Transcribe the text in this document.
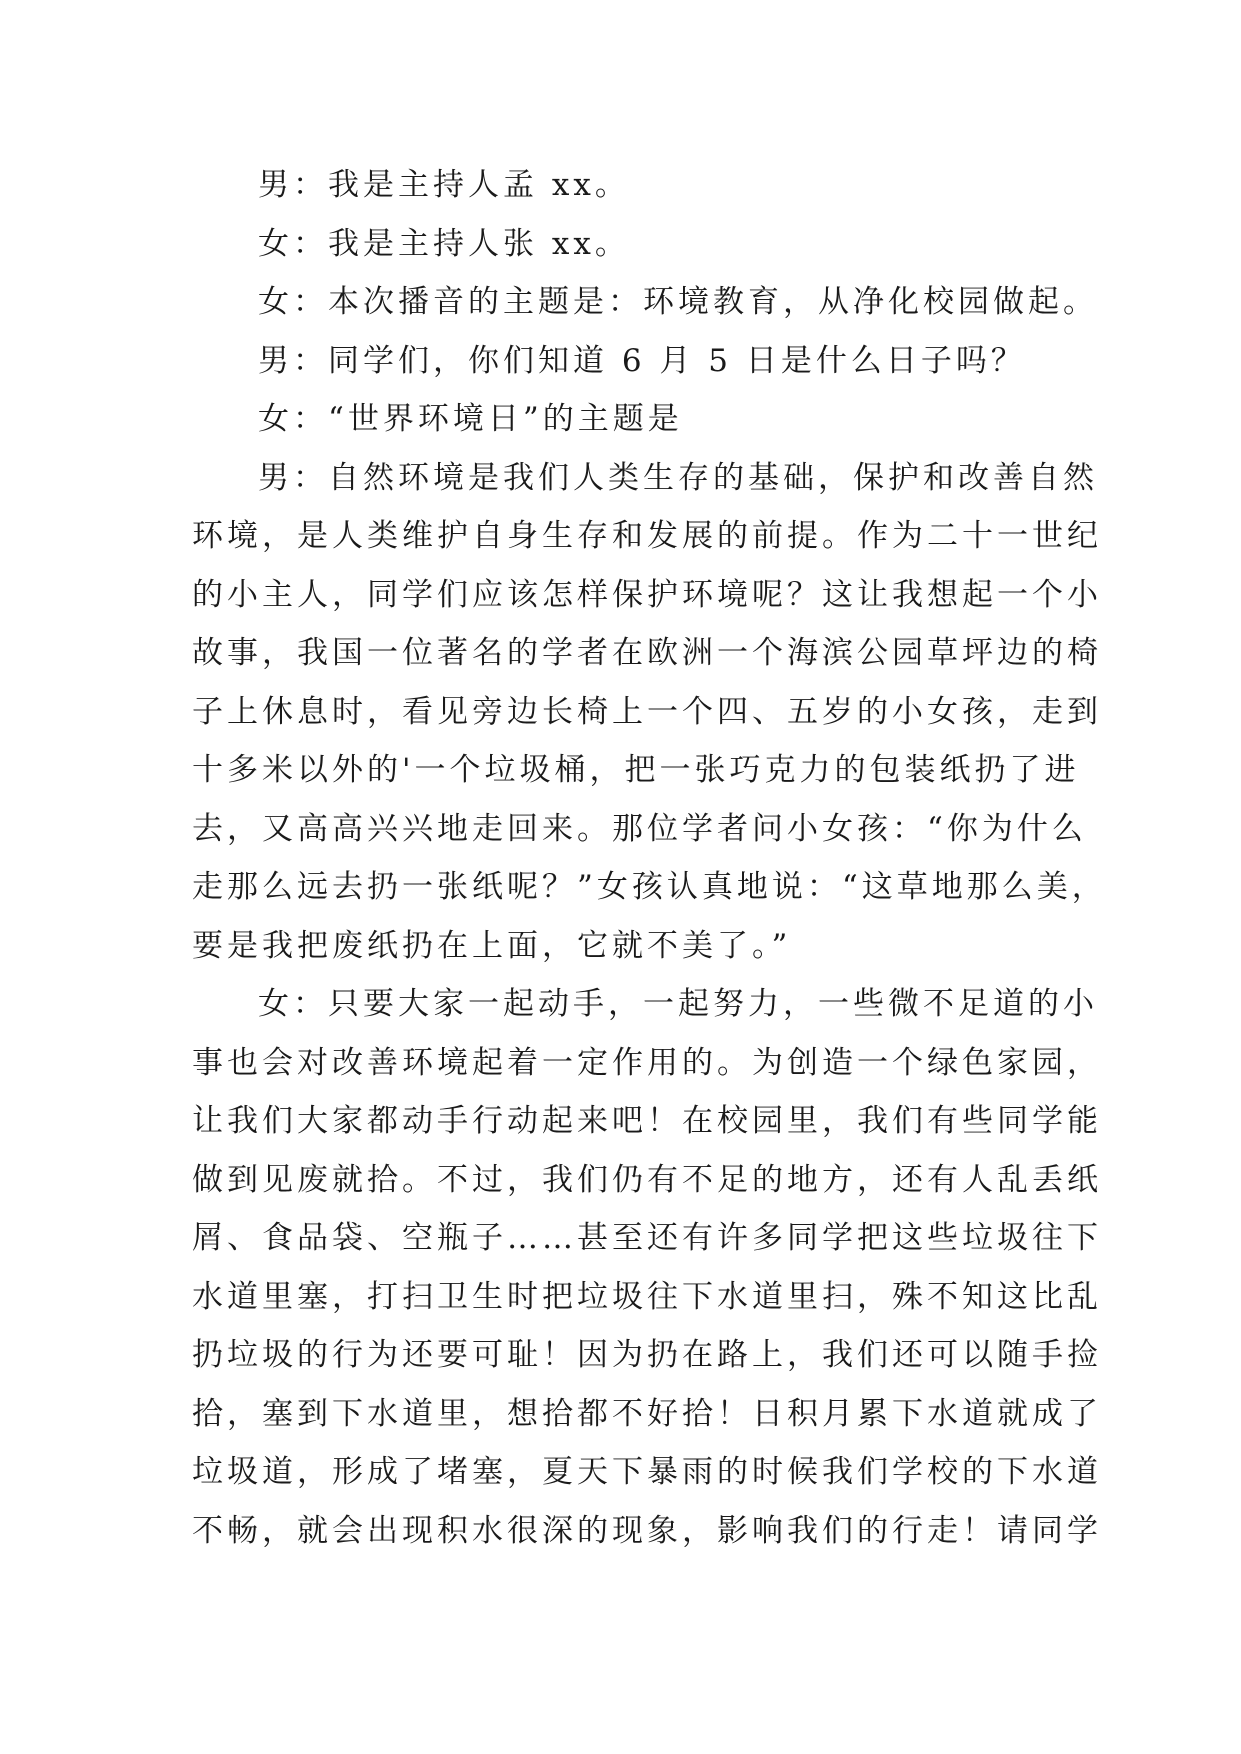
男：我是主持人孟 xx。
女：我是主持人张 xx。
女：本次播音的主题是：环境教育，从净化校园做起。
男：同学们，你们知道 6 月 5 日是什么日子吗？
女：“世界环境日”的主题是
男：自然环境是我们人类生存的基础，保护和改善自然
环境，是人类维护自身生存和发展的前提。作为二十一世纪
的小主人，同学们应该怎样保护环境呢？这让我想起一个小
故事，我国一位著名的学者在欧洲一个海滨公园草坪边的椅
子上休息时，看见旁边长椅上一个四、五岁的小女孩，走到
十多米以外的'一个垃圾桶，把一张巧克力的包装纸扔了进
去，又高高兴兴地走回来。那位学者问小女孩：“你为什么
走那么远去扔一张纸呢？”女孩认真地说：“这草地那么美，
要是我把废纸扔在上面，它就不美了。”
女：只要大家一起动手，一起努力，一些微不足道的小
事也会对改善环境起着一定作用的。为创造一个绿色家园，
让我们大家都动手行动起来吧！在校园里，我们有些同学能
做到见废就拾。不过，我们仍有不足的地方，还有人乱丢纸
屑、食品袋、空瓶子……甚至还有许多同学把这些垃圾往下
水道里塞，打扫卫生时把垃圾往下水道里扫，殊不知这比乱
扔垃圾的行为还要可耻！因为扔在路上，我们还可以随手捡
拾，塞到下水道里，想拾都不好拾！日积月累下水道就成了
垃圾道，形成了堵塞，夏天下暴雨的时候我们学校的下水道
不畅，就会出现积水很深的现象，影响我们的行走！请同学
